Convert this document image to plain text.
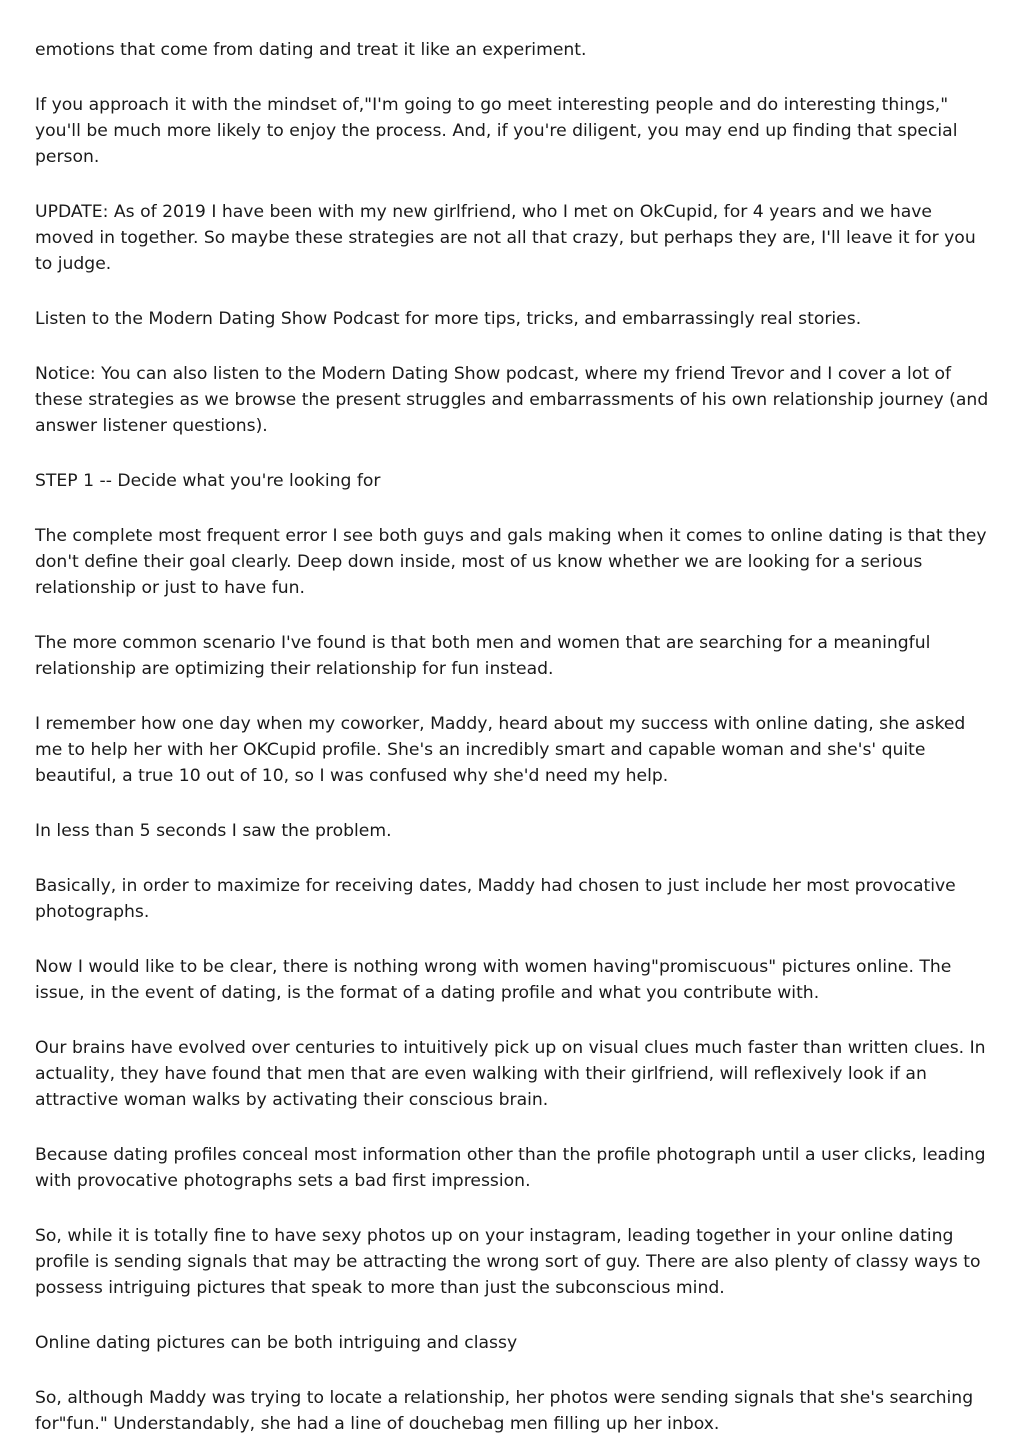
emotions that come from dating and treat it like an experiment.

If you approach it with the mindset of,"I'm going to go meet interesting people and do interesting things," you'll be much more likely to enjoy the process. And, if you're diligent, you may end up finding that special person.

UPDATE: As of 2019 I have been with my new girlfriend, who I met on OkCupid, for 4 years and we have moved in together. So maybe these strategies are not all that crazy, but perhaps they are, I'll leave it for you to judge.

Listen to the Modern Dating Show Podcast for more tips, tricks, and embarrassingly real stories.

Notice: You can also listen to the Modern Dating Show podcast, where my friend Trevor and I cover a lot of these strategies as we browse the present struggles and embarrassments of his own relationship journey (and answer listener questions).

STEP 1 -- Decide what you're looking for

The complete most frequent error I see both guys and gals making when it comes to online dating is that they don't define their goal clearly. Deep down inside, most of us know whether we are looking for a serious relationship or just to have fun.

The more common scenario I've found is that both men and women that are searching for a meaningful relationship are optimizing their relationship for fun instead.

I remember how one day when my coworker, Maddy, heard about my success with online dating, she asked me to help her with her OKCupid profile. She's an incredibly smart and capable woman and she's' quite beautiful, a true 10 out of 10, so I was confused why she'd need my help.

In less than 5 seconds I saw the problem.

Basically, in order to maximize for receiving dates, Maddy had chosen to just include her most provocative photographs.

Now I would like to be clear, there is nothing wrong with women having"promiscuous" pictures online. The issue, in the event of dating, is the format of a dating profile and what you contribute with.

Our brains have evolved over centuries to intuitively pick up on visual clues much faster than written clues. In actuality, they have found that men that are even walking with their girlfriend, will reflexively look if an attractive woman walks by activating their conscious brain.

Because dating profiles conceal most information other than the profile photograph until a user clicks, leading with provocative photographs sets a bad first impression.

So, while it is totally fine to have sexy photos up on your instagram, leading together in your online dating profile is sending signals that may be attracting the wrong sort of guy. There are also plenty of classy ways to possess intriguing pictures that speak to more than just the subconscious mind.

Online dating pictures can be both intriguing and classy

So, although Maddy was trying to locate a relationship, her photos were sending signals that she's searching for"fun." Understandably, she had a line of douchebag men filling up her inbox.
